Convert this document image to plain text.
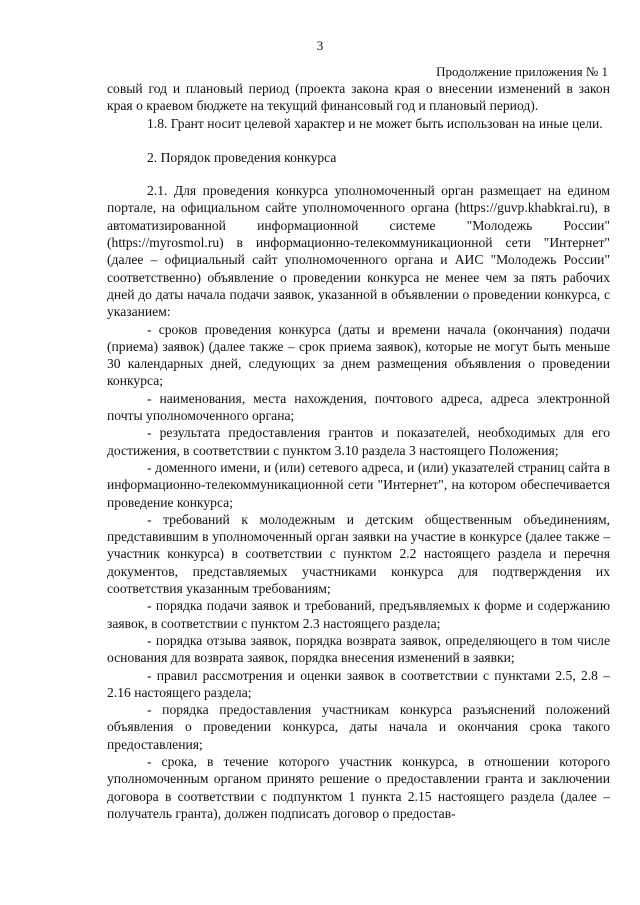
3
Продолжение приложения № 1

совый год и плановый период (проекта закона края о внесении изменений в закон края о краевом бюджете на текущий финансовый год и плановый период).

1.8. Грант носит целевой характер и не может быть использован на иные цели.

2. Порядок проведения конкурса

2.1. Для проведения конкурса уполномоченный орган размещает на едином портале, на официальном сайте уполномоченного органа (https://guvp.khabkrai.ru), в автоматизированной информационной системе "Молодежь России" (https://myrosmol.ru) в информационно-телекоммуникационной сети "Интернет" (далее – официальный сайт уполномоченного органа и АИС "Молодежь России" соответственно) объявление о проведении конкурса не менее чем за пять рабочих дней до даты начала подачи заявок, указанной в объявлении о проведении конкурса, с указанием:

- сроков проведения конкурса (даты и времени начала (окончания) подачи (приема) заявок) (далее также – срок приема заявок), которые не могут быть меньше 30 календарных дней, следующих за днем размещения объявления о проведении конкурса;

- наименования, места нахождения, почтового адреса, адреса электронной почты уполномоченного органа;

- результата предоставления грантов и показателей, необходимых для его достижения, в соответствии с пунктом 3.10 раздела 3 настоящего Положения;

- доменного имени, и (или) сетевого адреса, и (или) указателей страниц сайта в информационно-телекоммуникационной сети "Интернет", на котором обеспечивается проведение конкурса;

- требований к молодежным и детским общественным объединениям, представившим в уполномоченный орган заявки на участие в конкурсе (далее также – участник конкурса) в соответствии с пунктом 2.2 настоящего раздела и перечня документов, представляемых участниками конкурса для подтверждения их соответствия указанным требованиям;

- порядка подачи заявок и требований, предъявляемых к форме и содержанию заявок, в соответствии с пунктом 2.3 настоящего раздела;

- порядка отзыва заявок, порядка возврата заявок, определяющего в том числе основания для возврата заявок, порядка внесения изменений в заявки;

- правил рассмотрения и оценки заявок в соответствии с пунктами 2.5, 2.8 – 2.16 настоящего раздела;

- порядка предоставления участникам конкурса разъяснений положений объявления о проведении конкурса, даты начала и окончания срока такого предоставления;

- срока, в течение которого участник конкурса, в отношении которого уполномоченным органом принято решение о предоставлении гранта и заключении договора в соответствии с подпунктом 1 пункта 2.15 настоящего раздела (далее – получатель гранта), должен подписать договор о предостав-
